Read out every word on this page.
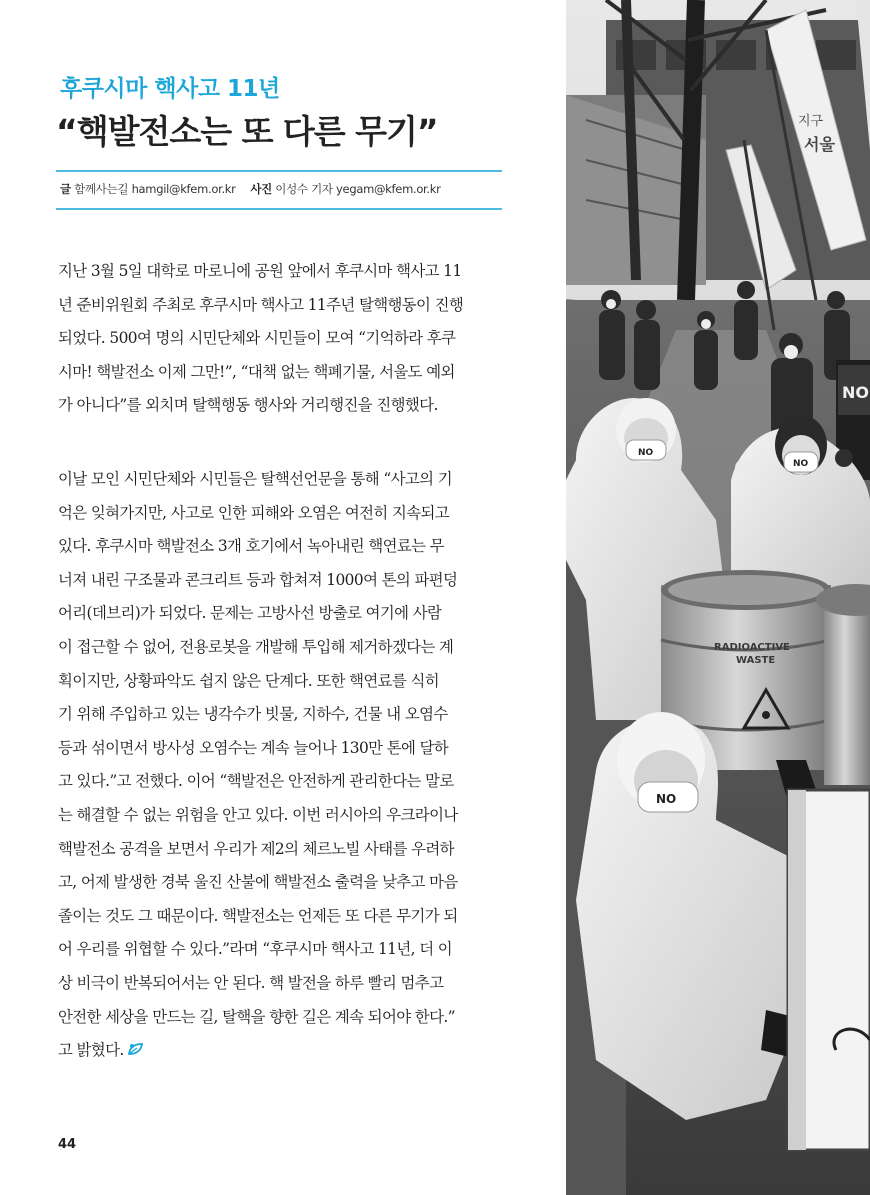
후쿠시마 핵사고 11년
“핵발전소는 또 다른 무기”
글 함께사는길 hamgil@kfem.or.kr 사진 이성수 기자 yegam@kfem.or.kr
지난 3월 5일 대학로 마로니에 공원 앞에서 후쿠시마 핵사고 11
년 준비위원회 주최로 후쿠시마 핵사고 11주년 탈핵행동이 진행
되었다. 500여 명의 시민단체와 시민들이 모여 “기억하라 후쿠
시마! 핵발전소 이제 그만!”, “대책 없는 핵폐기물, 서울도 예외
가 아니다”를 외치며 탈핵행동 행사와 거리행진을 진행했다.
이날 모인 시민단체와 시민들은 탈핵선언문을 통해 “사고의 기
억은 잊혀가지만, 사고로 인한 피해와 오염은 여전히 지속되고
있다. 후쿠시마 핵발전소 3개 호기에서 녹아내린 핵연료는 무
너져 내린 구조물과 콘크리트 등과 합쳐져 1000여 톤의 파편덩
어리(데브리)가 되었다. 문제는 고방사선 방출로 여기에 사람
이 접근할 수 없어, 전용로봇을 개발해 투입해 제거하겠다는 계
획이지만, 상황파악도 쉽지 않은 단계다. 또한 핵연료를 식히
기 위해 주입하고 있는 냉각수가 빗물, 지하수, 건물 내 오염수
등과 섞이면서 방사성 오염수는 계속 늘어나 130만 톤에 달하
고 있다.”고 전했다. 이어 “핵발전은 안전하게 관리한다는 말로
는 해결할 수 없는 위험을 안고 있다. 이번 러시아의 우크라이나
핵발전소 공격을 보면서 우리가 제2의 체르노빌 사태를 우려하
고, 어제 발생한 경북 울진 산불에 핵발전소 출력을 낮추고 마음
졸이는 것도 그 때문이다. 핵발전소는 언제든 또 다른 무기가 되
어 우리를 위협할 수 있다.”라며 “후쿠시마 핵사고 11년, 더 이
상 비극이 반복되어서는 안 된다. 핵 발전을 하루 빨리 멈추고
안전한 세상을 만드는 길, 탈핵을 향한 길은 계속 되어야 한다.”
고 밝혔다.
44
지구
서울
NO
NO
RADIOACTIVE
WASTE
NO
NO
